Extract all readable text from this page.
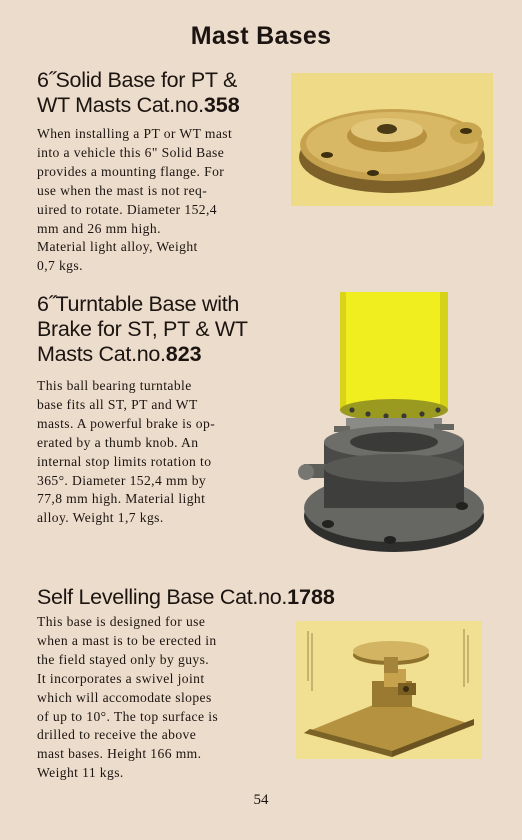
Mast Bases
6˝Solid Base for PT &
WT Masts Cat.no.358

When installing a PT or WT mast

into a vehicle this 6" Solid Base

provides a mounting flange. For

use when the mast is not req-

uired to rotate. Diameter 152,4

mm and 26 mm high.

Material light alloy, Weight

0,7 kgs.

6˝Turntable Base with
Brake for ST, PT & WT
Masts Cat.no.823

This ball bearing turntable

base fits all ST, PT and WT

masts. A powerful brake is op-

erated by a thumb knob. An

internal stop limits rotation to

365°. Diameter 152,4 mm by

77,8 mm high. Material light

alloy. Weight 1,7 kgs.

Self Levelling Base Cat.no.1788

This base is designed for use

when a mast is to be erected in

the field stayed only by guys.

It incorporates a swivel joint

which will accomodate slopes

of up to 10°. The top surface is

drilled to receive the above

mast bases. Height 166 mm.

Weight 11 kgs.

54
